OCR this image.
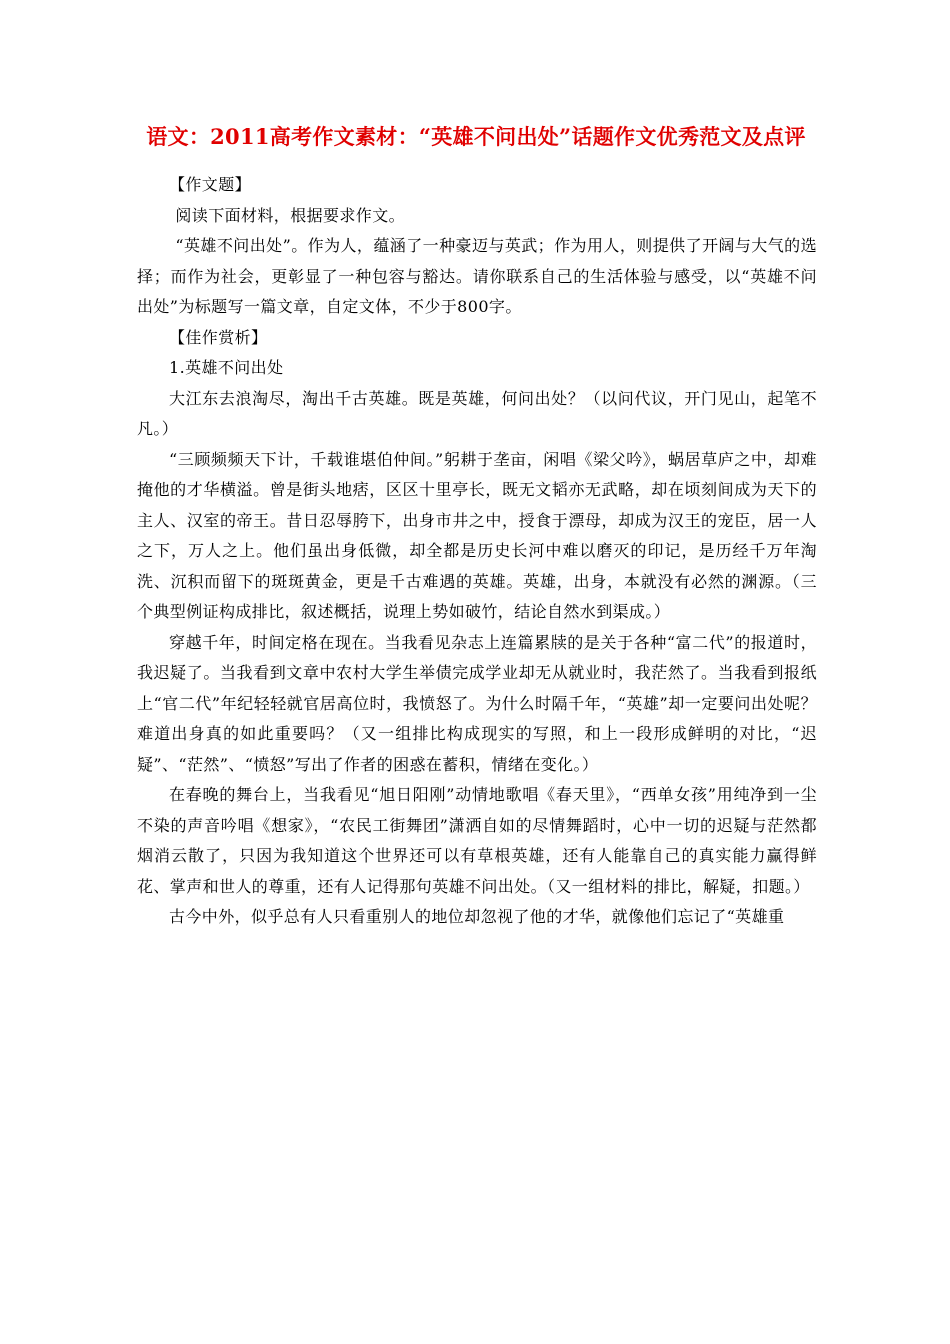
语文：2011高考作文素材：“英雄不问出处”话题作文优秀范文及点评

【作文题】

阅读下面材料，根据要求作文。

“英雄不问出处”。作为人，蕴涵了一种豪迈与英武；作为用人，则提供了开阔与大气的选择；而作为社会，更彰显了一种包容与豁达。请你联系自己的生活体验与感受，以“英雄不问出处”为标题写一篇文章，自定文体，不少于800字。

【佳作赏析】

1.英雄不问出处

大江东去浪淘尽，淘出千古英雄。既是英雄，何问出处？（以问代议，开门见山，起笔不凡。）

“三顾频频天下计，千载谁堪伯仲间。”躬耕于垄亩，闲唱《梁父吟》，蜗居草庐之中，却难掩他的才华横溢。曾是街头地痞，区区十里亭长，既无文韬亦无武略，却在顷刻间成为天下的主人、汉室的帝王。昔日忍辱胯下，出身市井之中，授食于漂母，却成为汉王的宠臣，居一人之下，万人之上。他们虽出身低微，却全都是历史长河中难以磨灭的印记，是历经千万年淘洗、沉积而留下的斑斑黄金，更是千古难遇的英雄。英雄，出身，本就没有必然的渊源。（三个典型例证构成排比，叙述概括，说理上势如破竹，结论自然水到渠成。）

穿越千年，时间定格在现在。当我看见杂志上连篇累牍的是关于各种“富二代”的报道时，我迟疑了。当我看到文章中农村大学生举债完成学业却无从就业时，我茫然了。当我看到报纸上“官二代”年纪轻轻就官居高位时，我愤怒了。为什么时隔千年，“英雄”却一定要问出处呢？难道出身真的如此重要吗？（又一组排比构成现实的写照，和上一段形成鲜明的对比，“迟疑”、“茫然”、“愤怒”写出了作者的困惑在蓄积，情绪在变化。）

在春晚的舞台上，当我看见“旭日阳刚”动情地歌唱《春天里》，“西单女孩”用纯净到一尘不染的声音吟唱《想家》，“农民工街舞团”潇洒自如的尽情舞蹈时，心中一切的迟疑与茫然都烟消云散了，只因为我知道这个世界还可以有草根英雄，还有人能靠自己的真实能力赢得鲜花、掌声和世人的尊重，还有人记得那句英雄不问出处。（又一组材料的排比，解疑，扣题。）

古今中外，似乎总有人只看重别人的地位却忽视了他的才华，就像他们忘记了“英雄重
